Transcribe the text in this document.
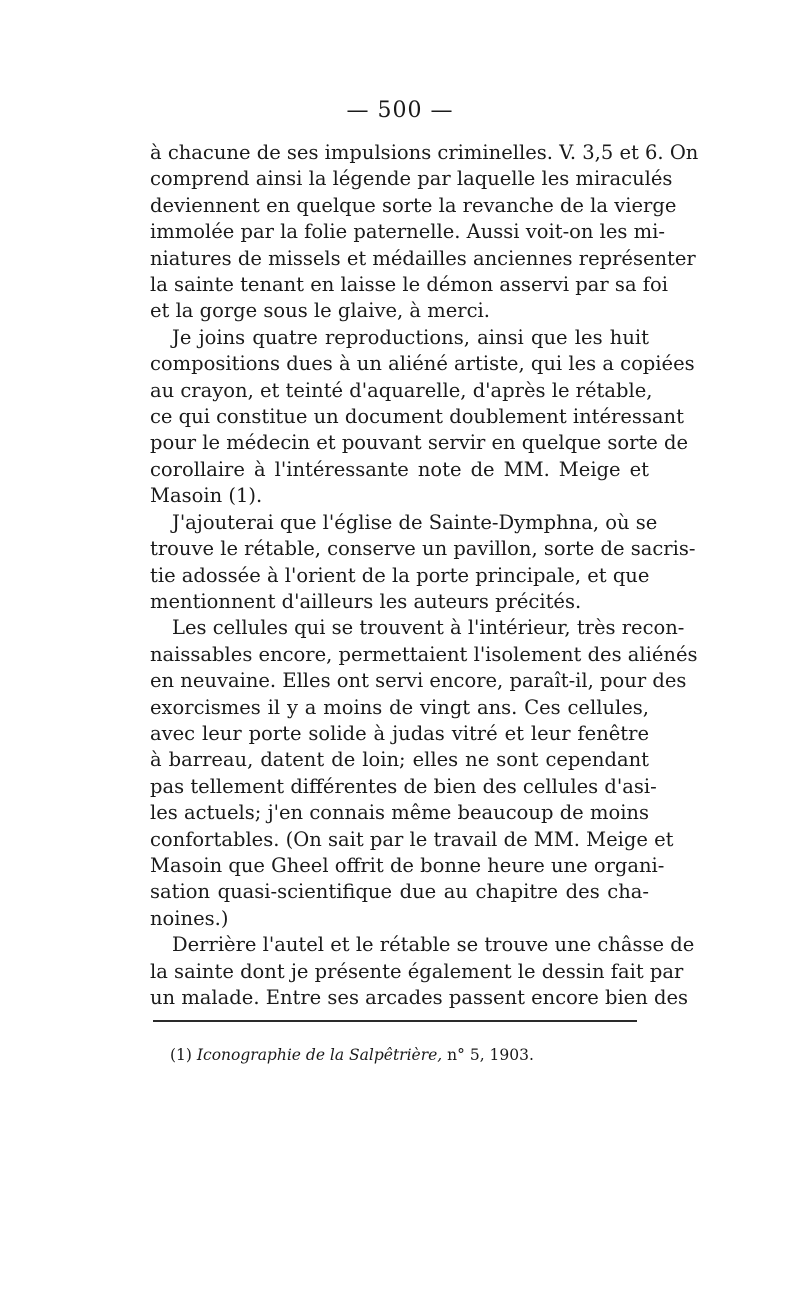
— 500 —
à chacune de ses impulsions criminelles. V. 3,5 et 6. On
comprend ainsi la légende par laquelle les miraculés
deviennent en quelque sorte la revanche de la vierge
immolée par la folie paternelle. Aussi voit-on les mi-
niatures de missels et médailles anciennes représenter
la sainte tenant en laisse le démon asservi par sa foi
et la gorge sous le glaive, à merci.
Je joins quatre reproductions, ainsi que les huit
compositions dues à un aliéné artiste, qui les a copiées
au crayon, et teinté d'aquarelle, d'après le rétable,
ce qui constitue un document doublement intéressant
pour le médecin et pouvant servir en quelque sorte de
corollaire à l'intéressante note de MM. Meige et
Masoin (1).
J'ajouterai que l'église de Sainte-Dymphna, où se
trouve le rétable, conserve un pavillon, sorte de sacris-
tie adossée à l'orient de la porte principale, et que
mentionnent d'ailleurs les auteurs précités.
Les cellules qui se trouvent à l'intérieur, très recon-
naissables encore, permettaient l'isolement des aliénés
en neuvaine. Elles ont servi encore, paraît-il, pour des
exorcismes il y a moins de vingt ans. Ces cellules,
avec leur porte solide à judas vitré et leur fenêtre
à barreau, datent de loin; elles ne sont cependant
pas tellement différentes de bien des cellules d'asi-
les actuels; j'en connais même beaucoup de moins
confortables. (On sait par le travail de MM. Meige et
Masoin que Gheel offrit de bonne heure une organi-
sation quasi-scientifique due au chapitre des cha-
noines.)
Derrière l'autel et le rétable se trouve une châsse de
la sainte dont je présente également le dessin fait par
un malade. Entre ses arcades passent encore bien des
(1) Iconographie de la Salpêtrière, n° 5, 1903.
